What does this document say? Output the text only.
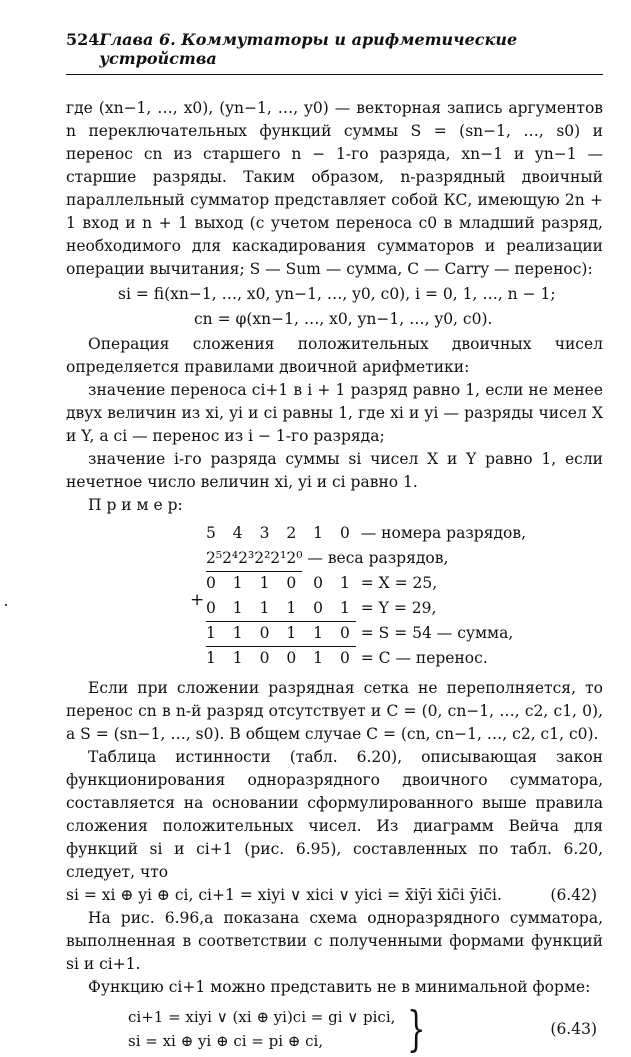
524 Глава 6. Коммутаторы и арифметические устройства

где (xn−1, …, x0), (yn−1, …, y0) — векторная запись аргументов n переключательных функций суммы S = (sn−1, …, s0) и перенос cn из старшего n − 1-го разряда, xn−1 и yn−1 — старшие разряды. Таким образом, n-разрядный двоичный параллельный сумматор представляет собой КС, имеющую 2n + 1 вход и n + 1 выход (с учетом переноса c0 в младший разряд, необходимого для каскадирования сумматоров и реализации операции вычитания; S — Sum — сумма, C — Carry — перенос):

si = fi(xn−1, …, x0, yn−1, …, y0, c0), i = 0, 1, …, n − 1;
cn = φ(xn−1, …, x0, yn−1, …, y0, c0).

Операция сложения положительных двоичных чисел определяется правилами двоичной арифметики:

значение переноса ci+1 в i + 1 разряд равно 1, если не менее двух величин из xi, yi и ci равны 1, где xi и yi — разряды чисел X и Y, а ci — перенос из i − 1-го разряда;

значение i-го разряда суммы si чисел X и Y равно 1, если нечетное число величин xi, yi и ci равно 1.

П р и м е р:

5 4 3 2 1 0 — номера разрядов,
2⁵2⁴2³2²2¹2⁰ — веса разрядов,
+
0 1 1 0 0 1 = X = 25,
0 1 1 1 0 1 = Y = 29,
1 1 0 1 1 0 = S = 54 — сумма,
1 1 0 0 1 0 = C — перенос.

Если при сложении разрядная сетка не переполняется, то перенос cn в n-й разряд отсутствует и C = (0, cn−1, …, c2, c1, 0), а S = (sn−1, …, s0). В общем случае C = (cn, cn−1, …, c2, c1, c0).

Таблица истинности (табл. 6.20), описывающая закон функционирования одноразрядного двоичного сумматора, составляется на основании сформулированного выше правила сложения положительных чисел. Из диаграмм Вейча для функций si и ci+1 (рис. 6.95), составленных по табл. 6.20, следует, что

si = xi ⊕ yi ⊕ ci, ci+1 = xiyi ∨ xici ∨ yici = x̄iȳi x̄ic̄i ȳic̄i.	(6.42)

На рис. 6.96,а показана схема одноразрядного сумматора, выполненная в соответствии с полученными формами функций si и ci+1.

Функцию ci+1 можно представить не в минимальной форме:

ci+1 = xiyi ∨ (xi ⊕ yi)ci = gi ∨ pici,
si = xi ⊕ yi ⊕ ci = pi ⊕ ci,	}	(6.43)
